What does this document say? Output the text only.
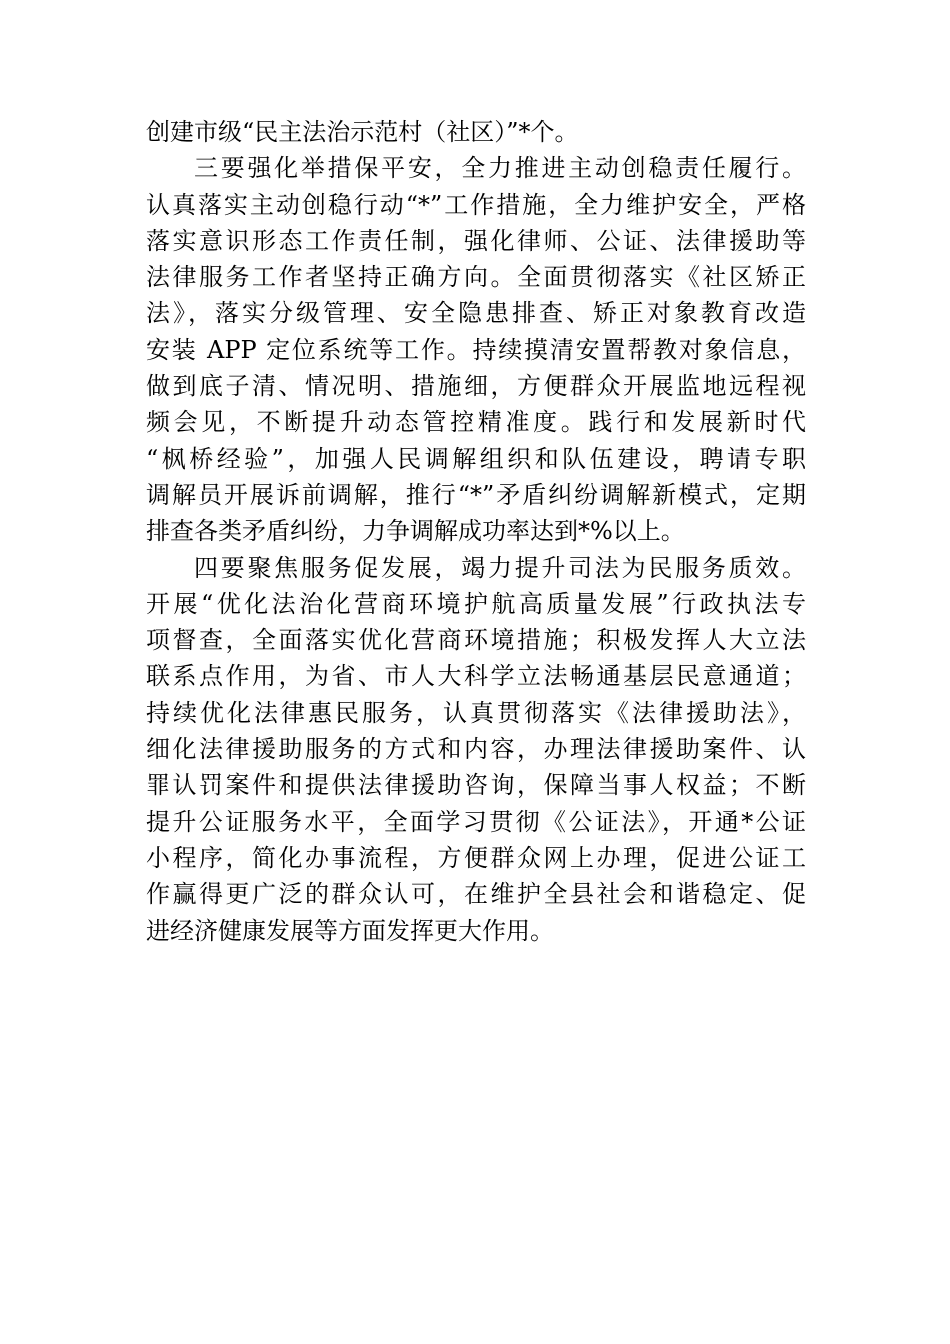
创建市级“民主法治示范村（社区）”*个。
三要强化举措保平安，全力推进主动创稳责任履行。
认真落实主动创稳行动“*”工作措施，全力维护安全，严格
落实意识形态工作责任制，强化律师、公证、法律援助等
法律服务工作者坚持正确方向。全面贯彻落实《社区矫正
法》，落实分级管理、安全隐患排查、矫正对象教育改造
安装 APP 定位系统等工作。持续摸清安置帮教对象信息，
做到底子清、情况明、措施细，方便群众开展监地远程视
频会见，不断提升动态管控精准度。践行和发展新时代
“枫桥经验”，加强人民调解组织和队伍建设，聘请专职
调解员开展诉前调解，推行“*”矛盾纠纷调解新模式，定期
排查各类矛盾纠纷，力争调解成功率达到*%以上。
四要聚焦服务促发展，竭力提升司法为民服务质效。
开展“优化法治化营商环境护航高质量发展”行政执法专
项督查，全面落实优化营商环境措施；积极发挥人大立法
联系点作用，为省、市人大科学立法畅通基层民意通道；
持续优化法律惠民服务，认真贯彻落实《法律援助法》，
细化法律援助服务的方式和内容，办理法律援助案件、认
罪认罚案件和提供法律援助咨询，保障当事人权益；不断
提升公证服务水平，全面学习贯彻《公证法》，开通*公证
小程序，简化办事流程，方便群众网上办理，促进公证工
作赢得更广泛的群众认可，在维护全县社会和谐稳定、促
进经济健康发展等方面发挥更大作用。
